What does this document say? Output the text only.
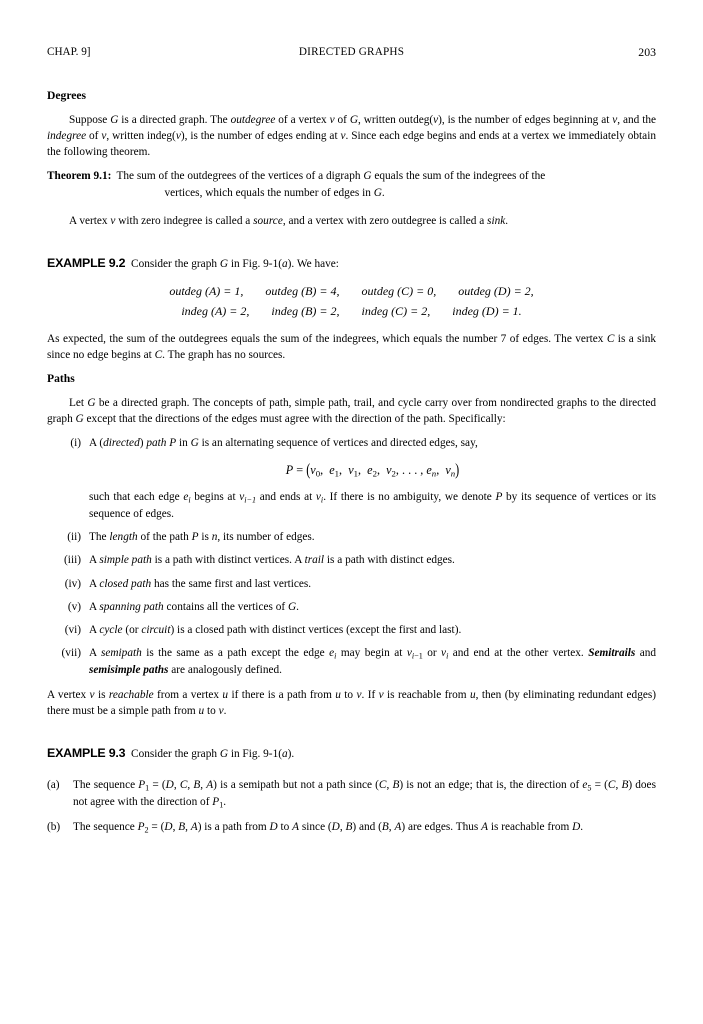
CHAP. 9]	DIRECTED GRAPHS	203
Degrees

Suppose G is a directed graph. The outdegree of a vertex v of G, written outdeg(v), is the number of edges beginning at v, and the indegree of v, written indeg(v), is the number of edges ending at v. Since each edge begins and ends at a vertex we immediately obtain the following theorem.

Theorem 9.1: The sum of the outdegrees of the vertices of a digraph G equals the sum of the indegrees of the
vertices, which equals the number of edges in G.

A vertex v with zero indegree is called a source, and a vertex with zero outdegree is called a sink.

EXAMPLE 9.2 Consider the graph G in Fig. 9-1(a). We have:

outdeg (A) = 1, outdeg (B) = 4, outdeg (C) = 0, outdeg (D) = 2,
indeg (A) = 2, indeg (B) = 2, indeg (C) = 2, indeg (D) = 1.

As expected, the sum of the outdegrees equals the sum of the indegrees, which equals the number 7 of edges. The vertex C is a sink since no edge begins at C. The graph has no sources.

Paths

Let G be a directed graph. The concepts of path, simple path, trail, and cycle carry over from nondirected graphs to the directed graph G except that the directions of the edges must agree with the direction of the path. Specifically:

(i) A (directed) path P in G is an alternating sequence of vertices and directed edges, say,
$P = (v_0$,  $e_1$,  $v_1$,  $e_2$,  $v_2$, . . . , $e_n$,  $v_n$)
such that each edge $e_i$ begins at $v_{i-1}$ and ends at $v_i$. If there is no ambiguity, we denote P by its sequence of vertices or its sequence of edges.
(ii) The length of the path P is n, its number of edges.
(iii) A simple path is a path with distinct vertices. A trail is a path with distinct edges.
(iv) A closed path has the same first and last vertices.
(v) A spanning path contains all the vertices of G.
(vi) A cycle (or circuit) is a closed path with distinct vertices (except the first and last).
(vii) A semipath is the same as a path except the edge $e_i$ may begin at $v_{i-1}$ or $v_i$ and end at the other vertex. Semitrails and semisimple paths are analogously defined.

A vertex v is reachable from a vertex u if there is a path from u to v. If v is reachable from u, then (by eliminating redundant edges) there must be a simple path from u to v.

EXAMPLE 9.3 Consider the graph G in Fig. 9-1(a).

(a)	The sequence $P_1 = (D$, C, B, A) is a semipath but not a path since (C, B) is not an edge; that is, the direction of $e_5 = (C$, B) does not agree with the direction of $P_1$.
(b)	The sequence $P_2 = (D$, B, A) is a path from D to A since (D, B) and (B, A) are edges. Thus A is reachable from D.
